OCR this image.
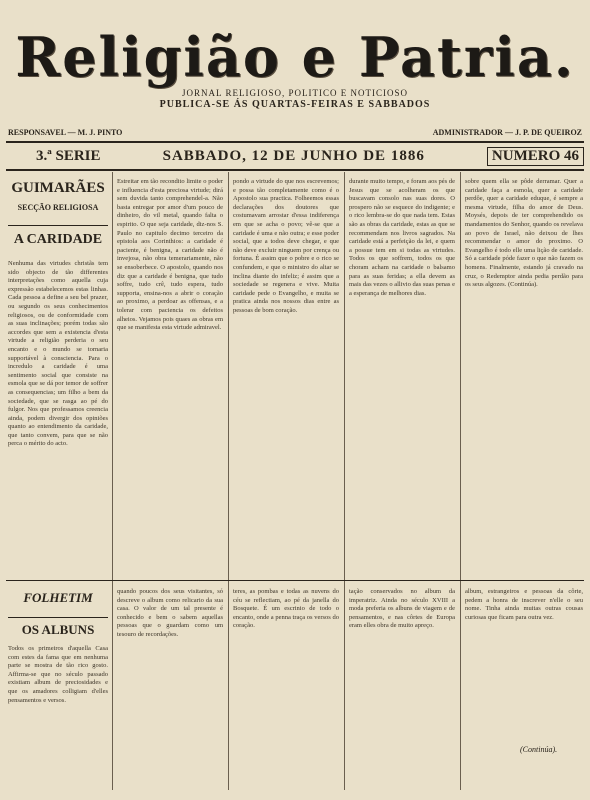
Religião e Patria.
JORNAL RELIGIOSO, POLITICO E NOTICIOSO
PUBLICA-SE ÁS QUARTAS-FEIRAS E SABBADOS
RESPONSAVEL — M. J. PINTO	ADMINISTRADOR — J. P. DE QUEIROZ
3.ª SERIE	SABBADO, 12 DE JUNHO DE 1886	NUMERO 46
GUIMARÃES
SECÇÃO RELIGIOSA
A CARIDADE
Nenhuma das virtudes christãs tem sido objecto de tão differentes interpretações como aquella cuja expressão estabelecemos estas linhas. Cada pessoa a define a seu bel prazer, ou segundo os seus conhecimentos religiosos, ou de conformidade com as suas inclinações; porém todas são accordes que sem a existencia d'esta virtude a religião perderia o seu encanto e o mundo se tornaria supportável à consciencia. Para o incredulo a caridade é uma sentimento social que consiste na esmola que se dá por temor de soffrer as consequencias; um filho a bem da sociedade, que se rasga ao pé do fulgor. Nos que professamos creencia ainda, podem divergir dos opiniões quanto ao entendimento da caridade, que tanto convem, para que se não perca o mérito do acto.
Estreitar em tão recondito limite o poder e influencia d'esta preciosa virtude; dirá sem duvida tanto comprehendel-a. Não basta entregar por amor d'um pouco de dinheiro, do vil metal, quando falta o espirito. O que seja caridade, diz-nos S. Paulo no capitulo decimo terceiro da epistola aos Corinthios: a caridade é paciente, é benigna, a caridade não é invejosa, não obra temerariamente, não se ensoberbece. O apostolo, quando nos diz que a caridade é benigna, que tudo soffre, tudo crê, tudo espera, tudo supporta, ensina-nos a abrir o coração ao proximo, a perdoar as offensas, e a tolerar com paciencia os defeitos alheios. Vejamos pois quaes as obras em que se manifesta esta virtude admiravel.
pondo a virtude do que nos escrevemos; e possa tão completamente como é o Apostolo sua practica. Folheemos essas declarações dos doutores que costumavam arrostar d'essa indiferença em que se acha o povo; vê-se que a caridade é uma e não outra; e esse poder social, que a todos deve chegar, e que não deve excluir ninguem por crença ou fortuna. É assim que o pobre e o rico se confundem, e que o ministro do altar se inclina diante do infeliz; é assim que a sociedade se regenera e vive. Muita caridade pede o Evangelho, e muita se pratica ainda nos nossos dias entre as pessoas de bom coração.
durante muito tempo, e foram aos pés de Jesus que se acolheram os que buscavam consolo nas suas dores. O prospero não se esquece do indigente; e o rico lembra-se do que nada tem. Estas são as obras da caridade, estas as que se recommendam nos livros sagrados. Na caridade está a perfeição da lei, e quem a possue tem em si todas as virtudes. Todos os que soffrem, todos os que choram acham na caridade o balsamo para as suas feridas; a ella devem as mais das vezes o allivio das suas penas e a esperança de melhores dias.
sobre quem ella se pôde derramar. Quer a caridade faça a esmola, quer a caridade perdôe, quer a caridade eduque, é sempre a mesma virtude, filha do amor de Deus. Moysés, depois de ter comprehendido os mandamentos do Senhor, quando os revelava ao povo de Israel, não deixou de lhes recommendar o amor do proximo. O Evangelho é todo elle uma lição de caridade. Só a caridade póde fazer o que não fazem os homens. Finalmente, estando já cravado na cruz, o Redemptor ainda pedia perdão para os seus algozes. (Continúa).
FOLHETIM
OS ALBUNS
Todos os primeiros d'aquella Casa com estes da fama que em nenhuma parte se mostra de tão rico gosto. Affirma-se que no século passado existiam album de preciosidades e que os amadores colligiam d'elles pensamentos e versos.
quando poucos dos seus visitantes, só descreve o album como relicario da sua casa. O valor de um tal presente é conhecido e bem o sabem aquellas pessoas que o guardam como um tesouro de recordações.
teres, as pombas e todas as nuvens do céu se reflectiam, ao pé da janella do Bosquete. É um escrinio de todo o encanto, onde a penna traça os versos do coração.
tação conservados no album da imperatriz. Ainda no século XVIII a moda preferia os albuns de viagem e de pensamentos, e nas côrtes de Europa eram elles obra de muito apreço.
album, estrangeiros e pessoas da côrte, pedem a honra de inscrever n'elle o seu nome. Tinha ainda muitas outras cousas curiosas que ficam para outra vez.
(Continúa).
